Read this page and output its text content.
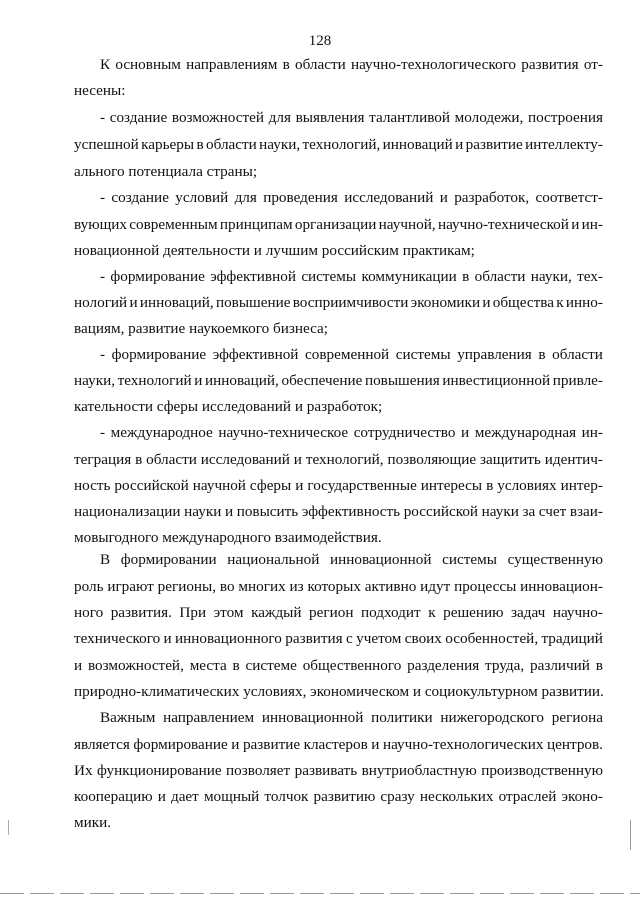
128
К основным направлениям в области научно-технологического развития от-
несены:
- создание возможностей для выявления талантливой молодежи, построения
успешной карьеры в области науки, технологий, инноваций и развитие интеллекту-
ального потенциала страны;
- создание условий для проведения исследований и разработок, соответст-
вующих современным принципам организации научной, научно-технической и ин-
новационной деятельности и лучшим российским практикам;
- формирование эффективной системы коммуникации в области науки, тех-
нологий и инноваций, повышение восприимчивости экономики и общества к инно-
вациям, развитие наукоемкого бизнеса;
- формирование эффективной современной системы управления в области
науки, технологий и инноваций, обеспечение повышения инвестиционной привле-
кательности сферы исследований и разработок;
- международное научно-техническое сотрудничество и международная ин-
теграция в области исследований и технологий, позволяющие защитить идентич-
ность российской научной сферы и государственные интересы в условиях интер-
национализации науки и повысить эффективность российской науки за счет взаи-
мовыгодного международного взаимодействия.
В формировании национальной инновационной системы существенную
роль играют регионы, во многих из которых активно идут процессы инновацион-
ного развития. При этом каждый регион подходит к решению задач научно-
технического и инновационного развития с учетом своих особенностей, традиций
и возможностей, места в системе общественного разделения труда, различий в
природно-климатических условиях, экономическом и социокультурном развитии.
Важным направлением инновационной политики нижегородского региона
является формирование и развитие кластеров и научно-технологических центров.
Их функционирование позволяет развивать внутриобластную производственную
кооперацию и дает мощный толчок развитию сразу нескольких отраслей эконо-
мики.
